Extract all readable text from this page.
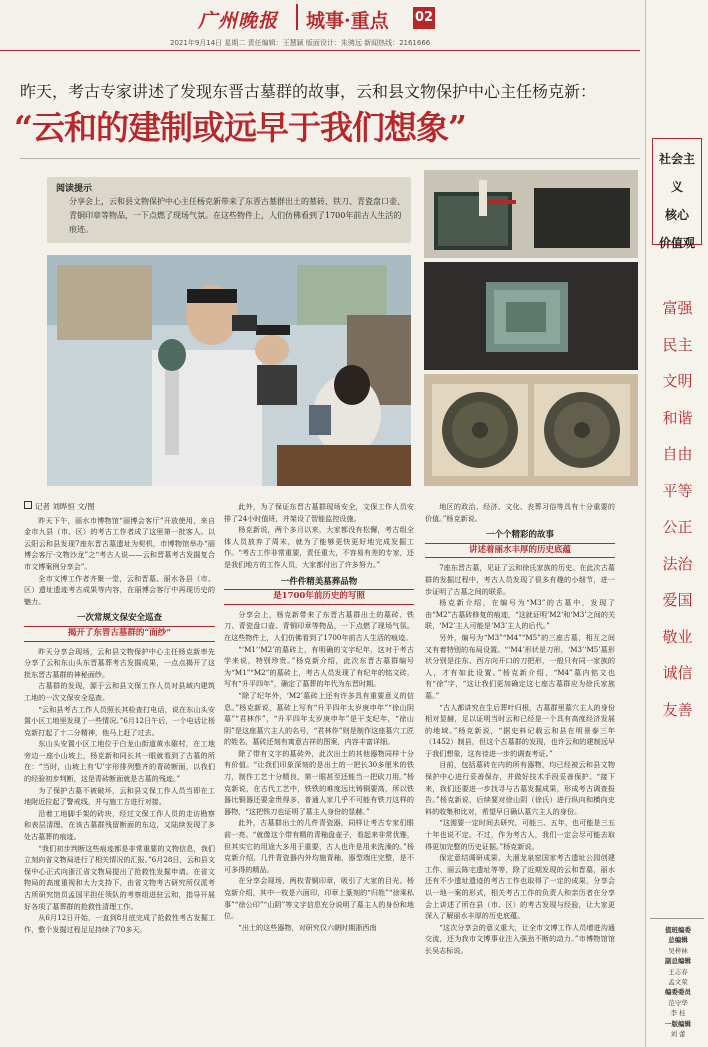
广州晚报 城事·重点 02
2021年9月14日 星期二 责任编辑：王慧颖 版面设计：朱骋远 新闻热线：2161666
昨天，考古专家讲述了发现东晋古墓群的故事，云和县文物保护中心主任杨克新：
“云和的建制或远早于我们想象”
阅读提示
分享会上，云和县文物保护中心主任杨克新带来了东晋古墓群出土的墓砖、铁刀、青瓷盘口壶、青铜印章等物品，一下点燃了现场气氛。在这些物件上，人们仿佛看到了1700年前古人生活的痕迹。
记者 刘晔恒 文/图

昨天下午，丽水市博物馆“丽博会客厅”开放使用，来自金市九县（市、区）的考古工作者成了这里第一批客人。以云阳云和县发现7座东晋古墓遗址为契机，市博物馆举办“丽博会客厅·文物沙龙”之“考古人说——云和晋墓考古发掘复合市文博案例分享会”。

全市文博工作者齐聚一堂，云和晋墓、丽水各县（市、区）遗址遗迹考古成果等内容，在丽博会客厅中再现历史的魅力。

一次常规文保安全巡查
揭开了东晋古墓群的“面纱”

昨天分享会现场，云和县文物保护中心主任杨克新率先分享了云和东山头东晋墓葬考古发掘成果，一点点揭开了这批东晋古墓群的神秘面纱。

古墓群的发现，源于云和县文保工作人员对县域内建筑工地的一次文保安全巡查。

“云和县考古工作人员照长其检查打电话，说在东山头安置小区工地里发现了一些情况。”6月12日午后，一个电话让杨克新打起了十二分精神，他马上赶了过去。

东山头安置小区工地位于白龙山街道黄水碓村，在工地旁边一座小山坡上，杨克新和同长其一眼就看到了古墓的所在：“当时，山坡上有‘U’字形排列整齐的青砖断面，以我们的经验初步判断，这是青砖断面就是古墓的残迹。”

为了保护古墓不被破坏，云和县文保工作人员当即在工地附近拉起了警戒线，并与施工方进行对接。

沿着工地脚手架的砖块，经过文保工作人员的走访勘察和表层清理，在该古墓群残留断面的东边，又陆续发现了多处古墓葬的痕迹。

“我们初步判断这些痕迹都是非常重要的文物信息，我们立刻向省文物局进行了相关情况的汇报。”6月28日，云和县文保中心正式向浙江省文物局提出了抢救性发掘申请。在省文物局的高度重视和大力支持下，由省文物考古研究所仅派考古所研究馆员孟国平担任领队的考察组进驻云和，指导开展好各项了墓葬群的抢救性清理工作。

从6月12日开始，一直到8月底完成了抢救性考古发掘工作，整个发掘过程足足持续了70多天。

此外，为了保证东晋古墓群现场安全，文保工作人员安排了24小时值班，并架设了智能监控设施。

杨克新说，两个多月以来，大家都没有松懈，考古组全体人员放弃了周末，就为了能够更快更好地完成发掘工作。“考古工作非常重要，责任重大，不容易有差的专家，还是我们地方的工作人员，大家都付出了许多努力。”

一件件精美墓葬品物
是1700年前历史的写照

分享会上，杨克新带来了东晋古墓群出土的墓砖、铁刀、青瓷盘口壶、青铜印章等物品，一下点燃了现场气氛。在这些物件上，人们仿佛看到了1700年前古人生活的痕迹。

“‘M1’‘M2’的墓砖上，有明确的文字纪年，这对于考古学来说，特别珍贵。”杨克新介绍，此次东晋古墓群编号为“M1”“M2”的墓砖上，考古人员发现了有纪年的铭文砖，写有“升平四年”，确定了墓葬的年代为东晋时期。

“除了纪年外，‘M2’墓砖上还有许多具有重要意义的信息。”杨克新说，墓砖上写有“升平四年太岁庚申年”“徐山阴墓”“君林作”，“升平四年太岁庚申年”是干支纪年，“徐山阴”是这座墓穴主人的名号，“君林作”则是制作这座墓穴工匠的姓名，墓砖还刻有寓意吉祥的图案，内容丰富详细。

除了带有文字的墓砖外，此次出土的其他器物同样十分有价值。“让我们印象深刻的是出土的一把长30多厘米的铁刀，制作工艺十分精良，第一眼甚至还能当一把砍刀用。”杨克新说，在古代工艺中，铁铁的难度远比铸铜要高，所以铁器比铜器还要金贵得多，普通人家几乎不可能有铁刀这样的器物，“这把铁刀也证明了墓主人身份的显赫。”

此外，古墓群出土的几件青瓷器，同样让考古专家们眼前一亮。“就像这个带有精的青釉盘壶子，看起来非常优雅，但其实它的用途大多用于重要，古人也许是用来洗澡的。”杨克新介绍，几件青瓷器内外均施青釉，器型端庄完整，是不可多得的精品。

在分享会现场，两枚青铜印章，吸引了大家的目光。杨克新介绍，其中一枚是六面印，印章上篆刻的“归姓”“徐乘私事”“徐公印”“山阴”等文字信息充分说明了墓主人的身份和地位。

“出土的这些器物，对研究仅六朝时期浙西南

地区的政治、经济、文化、丧葬习俗等具有十分重要的价值。”杨克新说。

一个个精彩的故事
讲述着丽水丰厚的历史底蕴

7座东晋古墓，见证了云和徐氏家族的历史。在此次古墓群的发掘过程中，考古人员发现了很多有趣的小细节，进一步证明了古墓之间的联系。

杨克新介绍，在编号为“M3”的古墓中，发现了由“M2”古墓砖修复的痕迹，“这就证明‘M2’和‘M3’之间的关联，‘M2’主人可能是‘M3’主人的后代。”

另外，编号为“M3”“M4”“M5”的三座古墓，相互之间又有着特别的布局设置。“‘M4’形状是刀形，‘M3’‘M5’墓形状分别是往东、西方向开口的刀把形，一般只有同一家族的人，才有如此设置。”杨克新介绍，“M4”墓内铭文也有“徐”字，“这让我们更加确定这七座古墓群应为徐氏家族墓。”

“古人都讲究在生后葬叶归根，古墓群里墓穴主人的身份相对显赫，足以证明当时云和已经是一个具有高度经济发展的地域。”杨克新说，“据史料记载云和县在明景泰三年（1452）制县，但这个古墓群的发现，也许云和的建制远早于我们想象，这有待进一步的调查考证。”

目前，包括墓砖在内的所有器物，均已经被云和县文物保护中心进行妥善保存，并做好技术手段妥善保护。“接下来，我们还要进一步找寻与古墓发掘成果，形成考古调查报告。”杨克新说，后续要对徐山阴（徐氏）进行纵向和横向史料的收集和比对，希望早日确认墓穴主人的身份。

“这需要一定时间去研究，可能三、五年，也可能是三五十年也说不定。不过，作为考古人，我们一定会尽可能去取得更加完整的历史证据。”杨克新说。

保定意结调研成果、大溜龙泉窑国家考古遗址公园创建工作、丽云陈宅遗址等等，除了近期发现的云和晋墓，丽水还有不少遗址遗迹的考古工作也取得了一定的成果，分享会以一地一案的形式，相关考古工作的负责人和亲历者在分享会上讲述了所在县（市、区）的考古发现与经验，让大家更深入了解丽水丰厚的历史底蕴。

“这次分享会的意义重大，让全市文博工作人员增进沟通交流，还为我市文博事业注入强劲不断的动力。”市博物馆馆长吴志标说。

社会主义
核心
价值观
富强
民主
文明
和谐
自由
平等
公正
法治
爱国
敬业
诚信
友善
值班编委
总编辑
吴梓林
副总编辑
王志春
孟文荣
编委委员
范守华
李 桂
一版编辑
刘 蕾
